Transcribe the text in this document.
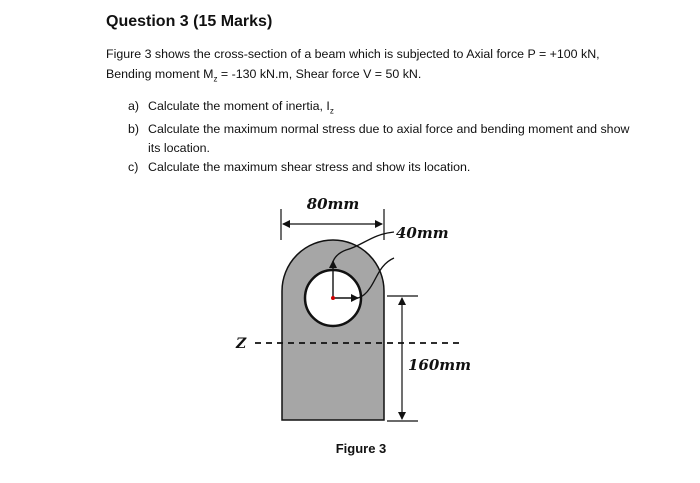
Question 3 (15 Marks)

Figure 3 shows the cross-section of a beam which is subjected to Axial force P = +100 kN,
Bending moment $M_z = -130$ kN.m, Shear force V = 50 kN.

a) Calculate the moment of inertia, $I_z$
b) Calculate the maximum normal stress due to axial force and bending moment and show its location.
c) Calculate the maximum shear stress and show its location.
80mm
40mm
160mm
Z
Figure 3
